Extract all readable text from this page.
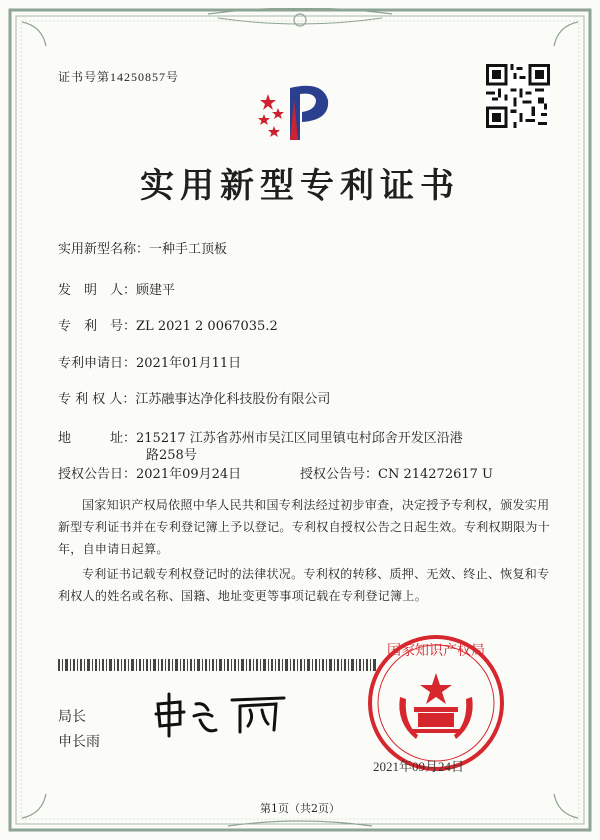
证书号第14250857号
实用新型专利证书
实用新型名称：一种手工顶板
发　明　人：顾建平
专　利　号：ZL 2021 2 0067035.2
专利申请日：2021年01月11日
专 利 权 人：江苏融事达净化科技股份有限公司
地　　　址：215217 江苏省苏州市吴江区同里镇屯村邱舍开发区沿港
路258号
授权公告日：2021年09月24日	授权公告号：CN 214272617 U
国家知识产权局依照中华人民共和国专利法经过初步审查，决定授予专利权，颁发实用新型专利证书并在专利登记簿上予以登记。专利权自授权公告之日起生效。专利权期限为十年，自申请日起算。
专利证书记载专利权登记时的法律状况。专利权的转移、质押、无效、终止、恢复和专利权人的姓名或名称、国籍、地址变更等事项记载在专利登记簿上。
局长
申长雨
国家知识产权局
2021年09月24日
第1页（共2页）
